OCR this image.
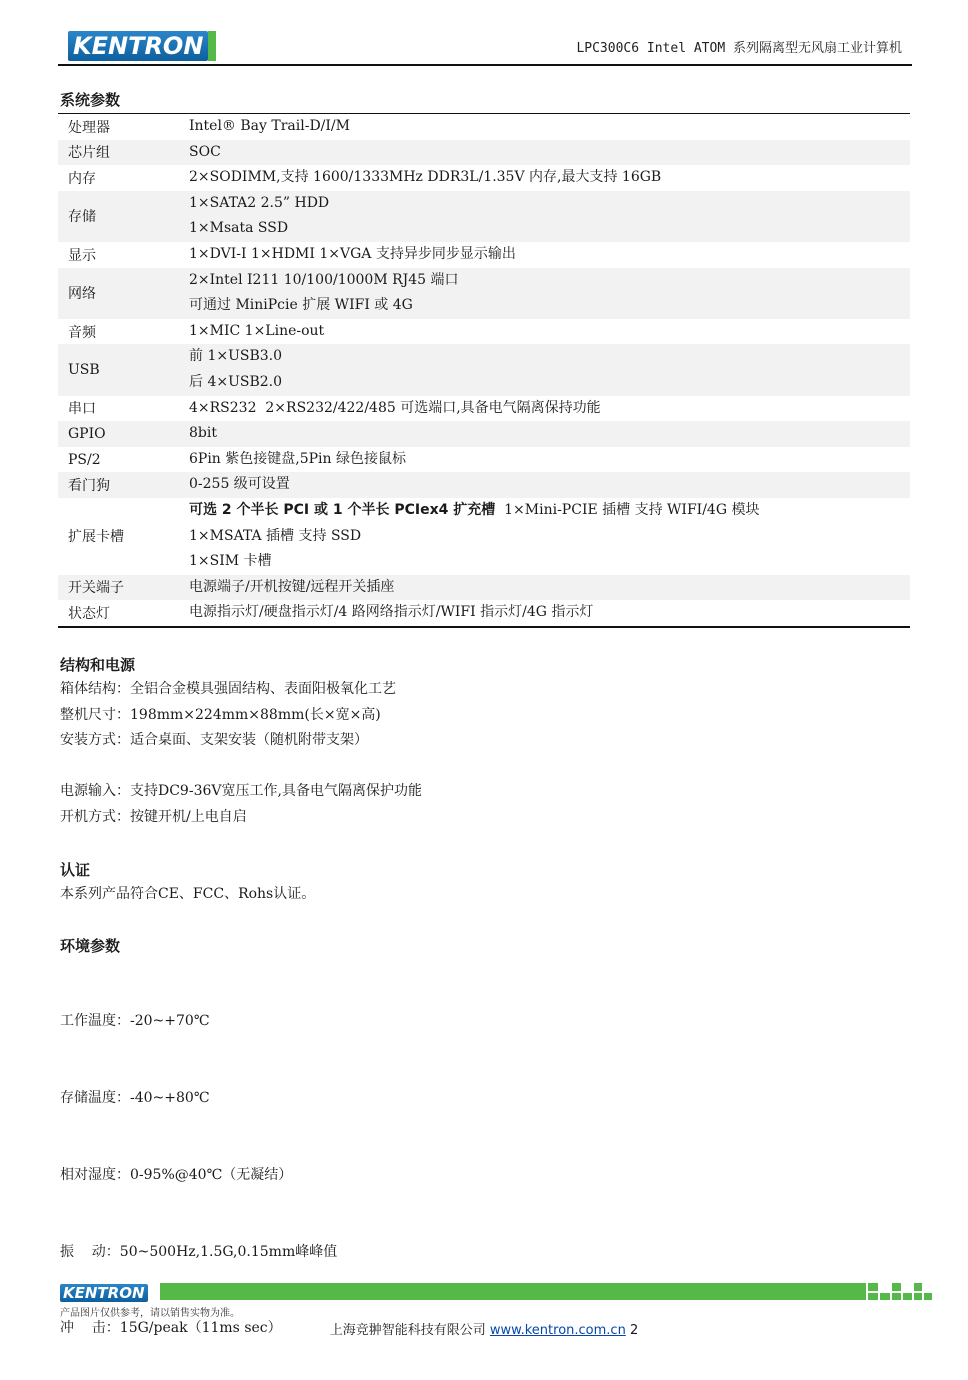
KENTRON	LPC300C6 Intel ATOM 系列隔离型无风扇工业计算机
系统参数
处理器	Intel® Bay Trail-D/I/M

芯片组	SOC

内存	2×SODIMM,支持 1600/1333MHz DDR3L/1.35V 内存,最大支持 16GB

存储	1×SATA2 2.5” HDD
1×Msata SSD

显示	1×DVI-I 1×HDMI 1×VGA 支持异步同步显示输出

网络	2×Intel I211 10/100/1000M RJ45 端口
可通过 MiniPcie 扩展 WIFI 或 4G

音频	1×MIC 1×Line-out

USB	前 1×USB3.0
后 4×USB2.0

串口	4×RS232  2×RS232/422/485 可选端口,具备电气隔离保持功能

GPIO	8bit

PS/2	6Pin 紫色接键盘,5Pin 绿色接鼠标

看门狗	0-255 级可设置

扩展卡槽	可选 2 个半长 PCI 或 1 个半长 PCIex4 扩充槽  1×Mini-PCIE 插槽 支持 WIFI/4G 模块
1×MSATA 插槽 支持 SSD
1×SIM 卡槽

开关端子	电源端子/开机按键/远程开关插座

状态灯	电源指示灯/硬盘指示灯/4 路网络指示灯/WIFI 指示灯/4G 指示灯
结构和电源
箱体结构：全铝合金模具强固结构、表面阳极氧化工艺
整机尺寸：198mm×224mm×88mm(长×宽×高)
安装方式：适合桌面、支架安装（随机附带支架）
电源输入：支持DC9-36V宽压工作,具备电气隔离保护功能
开机方式：按键开机/上电自启
认证
本系列产品符合CE、FCC、Rohs认证。
环境参数

工作温度：-20~+70℃

存储温度：-40~+80℃

相对湿度：0-95%@40℃（无凝结）

振    动：50~500Hz,1.5G,0.15mm峰峰值

冲    击：15G/peak（11ms sec）

KENTRON
产品图片仅供参考，请以销售实物为准。
上海竞翀智能科技有限公司 www.kentron.com.cn 2
